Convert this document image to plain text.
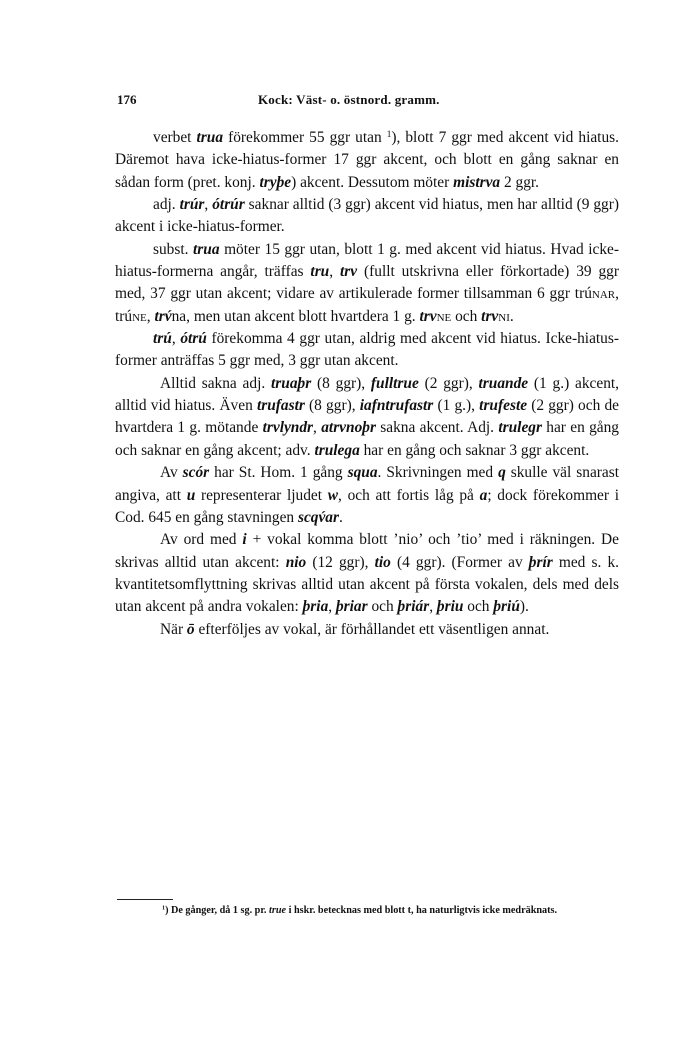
176	Kock: Väst- o. östnord. gramm.

verbet trua förekommer 55 ggr utan $^1$), blott 7 ggr med akcent vid hiatus. Däremot hava icke-hiatus-former 17 ggr akcent, och blott en gång saknar en sådan form (pret. konj. tryþe) akcent. Dessutom möter mistrva 2 ggr.

adj. trúr, ótrúr saknar alltid (3 ggr) akcent vid hiatus, men har alltid (9 ggr) akcent i icke-hiatus-former.

subst. trua möter 15 ggr utan, blott 1 g. med akcent vid hiatus. Hvad icke-hiatus-formerna angår, träffas tru, trv (fullt utskrivna eller förkortade) 39 ggr med, 37 ggr utan akcent; vidare av artikulerade former tillsamman 6 ggr trúnar, trúne, trv́na, men utan akcent blott hvartdera 1 g. trvne och trvni.

trú, ótrú förekomma 4 ggr utan, aldrig med akcent vid hiatus. Icke-hiatus-former anträffas 5 ggr med, 3 ggr utan akcent.

Alltid sakna adj. truaþr (8 ggr), fulltrue (2 ggr), truande (1 g.) akcent, alltid vid hiatus. Även trufastr (8 ggr), iafntrufastr (1 g.), trufeste (2 ggr) och de hvartdera 1 g. mötande trvlyndr, atrvnoþr sakna akcent. Adj. trulegr har en gång och saknar en gång akcent; adv. trulega har en gång och saknar 3 ggr akcent.

Av scór har St. Hom. 1 gång squa. Skrivningen med q skulle väl snarast angiva, att u representerar ljudet w, och att fortis låg på a; dock förekommer i Cod. 645 en gång stavningen scqv́ar.

Av ord med i + vokal komma blott ’nio’ och ’tio’ med i räkningen. De skrivas alltid utan akcent: nio (12 ggr), tio (4 ggr). (Former av þrír med s. k. kvantitetsomflyttning skrivas alltid utan akcent på första vokalen, dels med dels utan akcent på andra vokalen: þria, þriar och þriár, þriu och þriú).

När ō efterföljes av vokal, är förhållandet ett väsentligen annat.

$^1$) De gånger, då 1 sg. pr. true i hskr. betecknas med blott t, ha naturligtvis icke medräknats.
